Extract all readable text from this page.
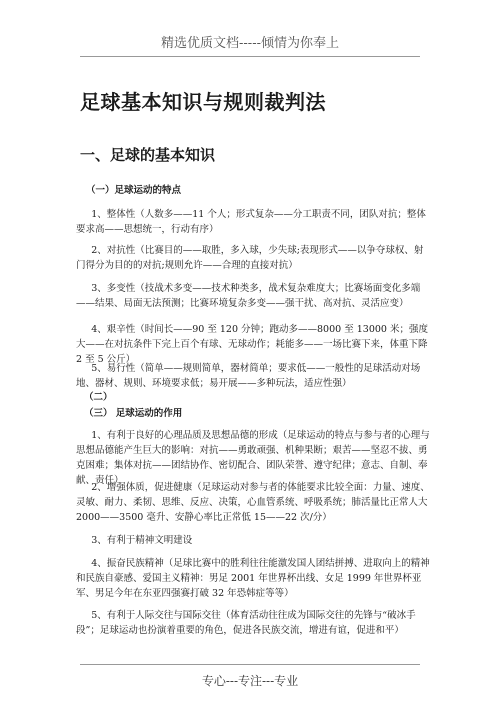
精选优质文档-----倾情为你奉上
足球基本知识与规则裁判法
一、足球的基本知识

（一）足球运动的特点

1、整体性（人数多——11 个人；形式复杂——分工职责不同，团队对抗；整体要求高——思想统一，行动有序）

2、对抗性（比赛目的——取胜，多入球，少失球;表现形式——以争夺球权、射门得分为目的的对抗;规则允许——合理的直接对抗）

3、多变性（技战术多变——技术种类多，战术复杂难度大；比赛场面变化多端——结果、局面无法预测；比赛环境复杂多变——强干扰、高对抗、灵活应变）

4、艰辛性（时间长——90 至 120 分钟；跑动多——8000 至 13000 米；强度大——在对抗条件下完上百个有球、无球动作；耗能多——一场比赛下来，体重下降 2 至 5 公斤）

5、易行性（简单——规则简单，器材简单；要求低——一般性的足球活动对场地、器材、规则、环境要求低；易开展——多种玩法，适应性强）

（二）

（三） 足球运动的作用

1、有利于良好的心理品质及思想品德的形成（足球运动的特点与参与者的心理与思想品德能产生巨大的影响：对抗——勇敢顽强、机种果断；艰苦——坚忍不拔、勇克困难；集体对抗——团结协作、密切配合、团队荣誉、遵守纪律；意志、自制、奉献、责任）

2、增强体质，促进健康（足球运动对参与者的体能要求比较全面：力量、速度、灵敏、耐力、柔韧、思维、反应、决策，心血管系统、呼吸系统；肺活量比正常人大 2000——3500 毫升、安静心率比正常低 15——22 次/分）

3、有利于精神文明建设

4、振奋民族精神（足球比赛中的胜利往往能激发国人团结拼搏、进取向上的精神和民族自豪感、爱国主义精神：男足 2001 年世界杯出线、女足 1999 年世界杯亚军、男足今年在东亚四强赛打破 32 年恐韩症等等）

5、有利于人际交往与国际交往（体育活动往往成为国际交往的先锋与“破冰手段”；足球运动也扮演着重要的角色，促进各民族交流，增进有谊，促进和平）

专心---专注---专业
